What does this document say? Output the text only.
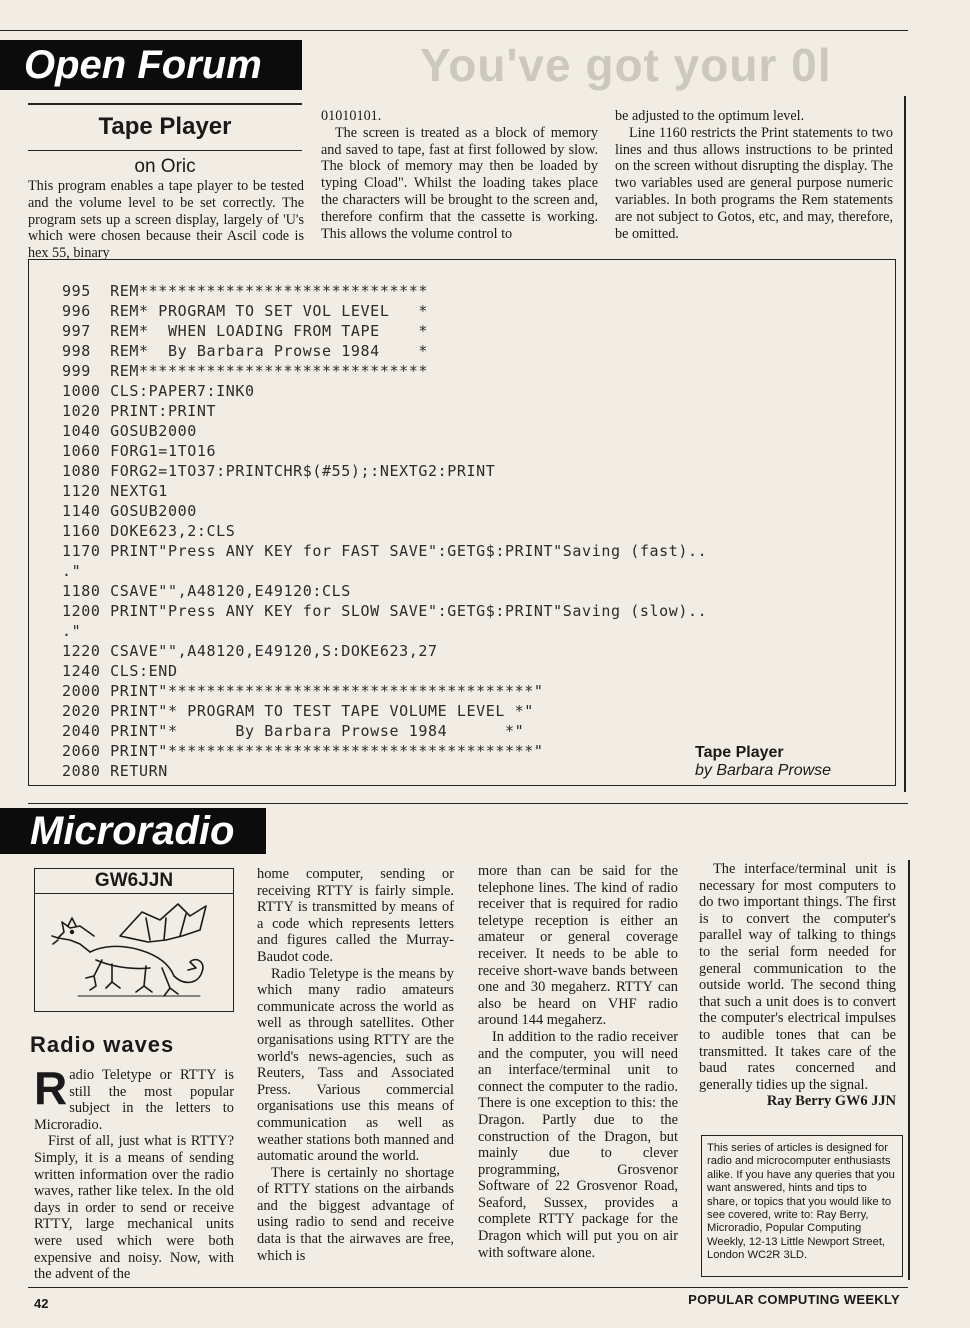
You've got your 0l
Open Forum
Tape Player
on Oric

This program enables a tape player to be tested and the volume level to be set correctly. The program sets up a screen display, largely of 'U's which were chosen because their Ascil code is hex 55, binary

01010101.

The screen is treated as a block of memory and saved to tape, fast at first followed by slow. The block of memory may then be loaded by typing Cload". Whilst the loading takes place the characters will be brought to the screen and, therefore confirm that the cassette is working. This allows the volume control to

be adjusted to the optimum level.

Line 1160 restricts the Print statements to two lines and thus allows instructions to be printed on the screen without disrupting the display. The two variables used are general purpose numeric variables. In both programs the Rem statements are not subject to Gotos, etc, and may, therefore, be omitted.

995  REM******************************
996  REM* PROGRAM TO SET VOL LEVEL   *
997  REM*  WHEN LOADING FROM TAPE    *
998  REM*  By Barbara Prowse 1984    *
999  REM******************************
1000 CLS:PAPER7:INK0
1020 PRINT:PRINT
1040 GOSUB2000
1060 FORG1=1TO16
1080 FORG2=1TO37:PRINTCHR$(#55);:NEXTG2:PRINT
1120 NEXTG1
1140 GOSUB2000
1160 DOKE623,2:CLS
1170 PRINT"Press ANY KEY for FAST SAVE":GETG$:PRINT"Saving (fast)..
."
1180 CSAVE"",A48120,E49120:CLS
1200 PRINT"Press ANY KEY for SLOW SAVE":GETG$:PRINT"Saving (slow)..
."
1220 CSAVE"",A48120,E49120,S:DOKE623,27
1240 CLS:END
2000 PRINT"**************************************"
2020 PRINT"* PROGRAM TO TEST TAPE VOLUME LEVEL *"
2040 PRINT"*      By Barbara Prowse 1984      *"
2060 PRINT"**************************************"
2080 RETURN
Tape Player
by Barbara Prowse
Microradio
GW6JJN
Radio waves

Radio Teletype or RTTY is still the most popular subject in the letters to Microradio.

First of all, just what is RTTY? Simply, it is a means of sending written information over the radio waves, rather like telex. In the old days in order to send or receive RTTY, large mechanical units were used which were both expensive and noisy. Now, with the advent of the

home computer, sending or receiving RTTY is fairly simple. RTTY is transmitted by means of a code which represents letters and figures called the Murray-Baudot code.

Radio Teletype is the means by which many radio amateurs communicate across the world as well as through satellites. Other organisations using RTTY are the world's news-agencies, such as Reuters, Tass and Associated Press. Various commercial organisations use this means of communication as well as weather stations both manned and automatic around the world.

There is certainly no shortage of RTTY stations on the airbands and the biggest advantage of using radio to send and receive data is that the airwaves are free, which is

more than can be said for the telephone lines. The kind of radio receiver that is required for radio teletype reception is either an amateur or general coverage receiver. It needs to be able to receive short-wave bands between one and 30 megaherz. RTTY can also be heard on VHF radio around 144 megaherz.

In addition to the radio receiver and the computer, you will need an interface/terminal unit to connect the computer to the radio. There is one exception to this: the Dragon. Partly due to the construction of the Dragon, but mainly due to clever programming, Grosvenor Software of 22 Grosvenor Road, Seaford, Sussex, provides a complete RTTY package for the Dragon which will put you on air with software alone.

The interface/terminal unit is necessary for most computers to do two important things. The first is to convert the computer's parallel way of talking to things to the serial form needed for general communication to the outside world. The second thing that such a unit does is to convert the computer's electrical impulses to audible tones that can be transmitted. It takes care of the baud rates concerned and generally tidies up the signal.

Ray Berry GW6 JJN

This series of articles is designed for radio and microcomputer enthusiasts alike. If you have any queries that you want answered, hints and tips to share, or topics that you would like to see covered, write to: Ray Berry, Microradio, Popular Computing Weekly, 12-13 Little Newport Street, London WC2R 3LD.
42	POPULAR COMPUTING WEEKLY
